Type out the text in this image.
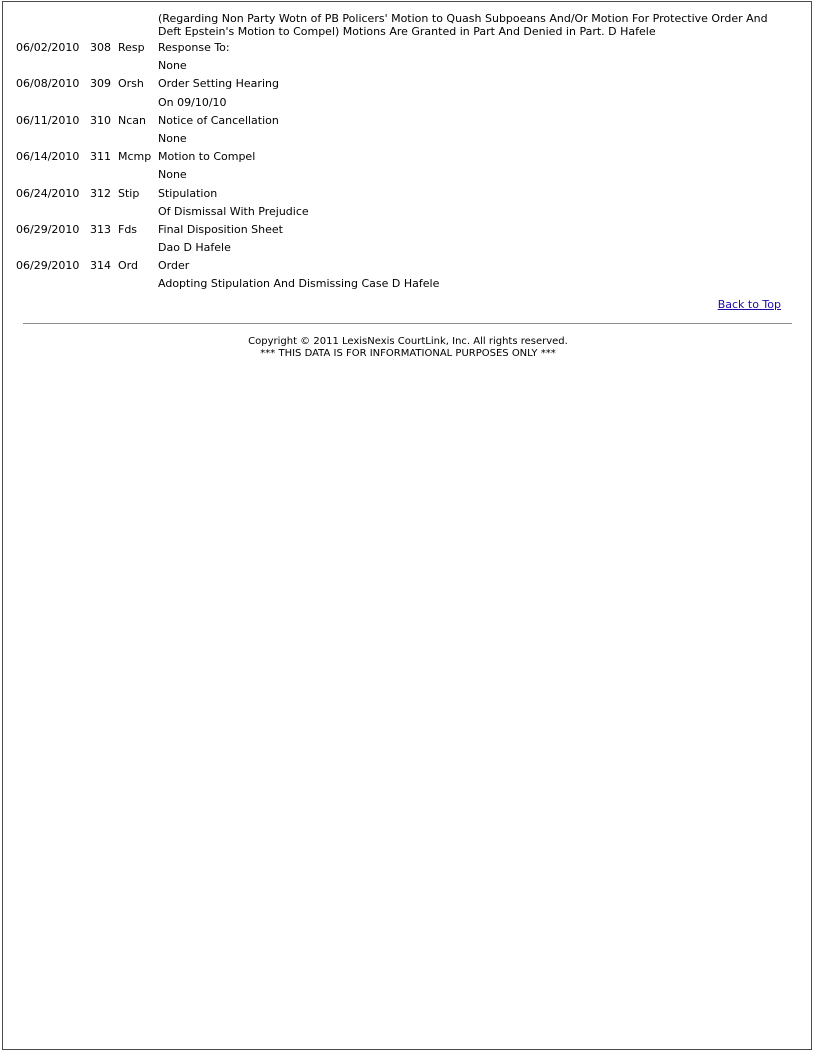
(Regarding Non Party Wotn of PB Policers' Motion to Quash Subpoeans And/Or Motion For Protective Order And Deft Epstein's Motion to Compel) Motions Are Granted in Part And Denied in Part. D Hafele
06/02/2010 308 Resp	Response To:
None
06/08/2010 309 Orsh	Order Setting Hearing
On 09/10/10
06/11/2010 310 Ncan	Notice of Cancellation
None
06/14/2010 311 Mcmp Motion to Compel
None
06/24/2010 312 Stip	Stipulation
Of Dismissal With Prejudice
06/29/2010 313 Fds	Final Disposition Sheet
Dao D Hafele
06/29/2010 314 Ord	Order
Adopting Stipulation And Dismissing Case D Hafele
Back to Top
Copyright © 2011 LexisNexis CourtLink, Inc. All rights reserved.
*** THIS DATA IS FOR INFORMATIONAL PURPOSES ONLY ***
